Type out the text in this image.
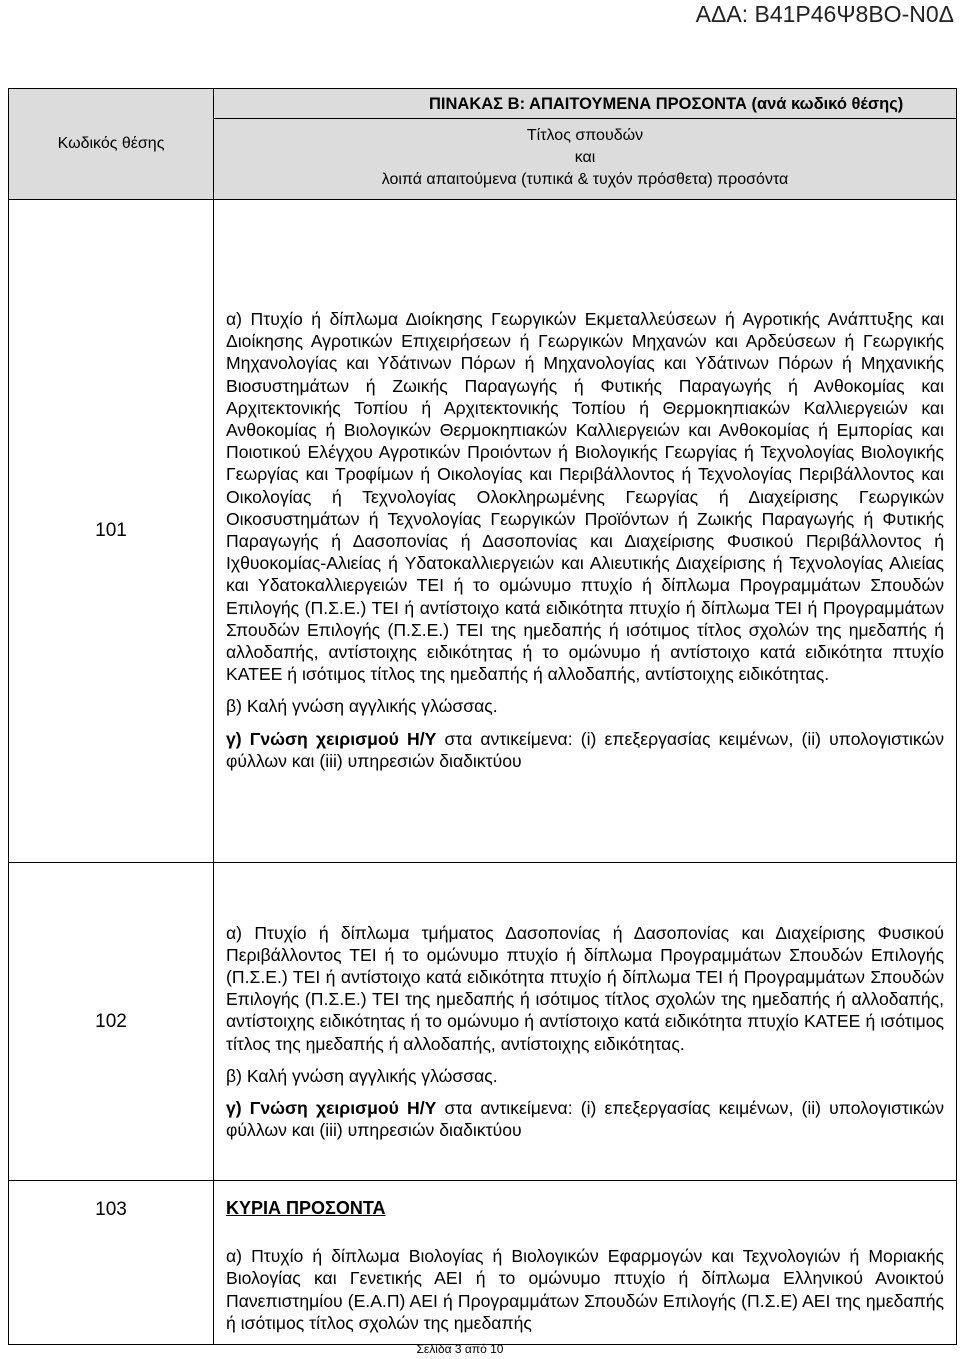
ΑΔΑ: Β41Ρ46Ψ8ΒΟ-Ν0Δ
Κωδικός θέσης	ΠΙΝΑΚΑΣ Β: ΑΠΑΙΤΟΥΜΕΝΑ ΠΡΟΣΟΝΤΑ (ανά κωδικό θέσης)

	Τίτλος σπουδών
και
λοιπά απαιτούμενα (τυπικά & τυχόν πρόσθετα) προσόντα

101	α) Πτυχίο ή δίπλωμα Διοίκησης Γεωργικών Εκμεταλλεύσεων ή Αγροτικής Ανάπτυξης και Διοίκησης Αγροτικών Επιχειρήσεων ή Γεωργικών Μηχανών και Αρδεύσεων ή Γεωργικής Μηχανολογίας και Υδάτινων Πόρων ή Μηχανολογίας και Υδάτινων Πόρων ή Μηχανικής Βιοσυστημάτων ή Ζωικής Παραγωγής ή Φυτικής Παραγωγής ή Ανθοκομίας και Αρχιτεκτονικής Τοπίου ή Αρχιτεκτονικής Τοπίου ή Θερμοκηπιακών Καλλιεργειών και Ανθοκομίας ή Βιολογικών Θερμοκηπιακών Καλλιεργειών και Ανθοκομίας ή Εμπορίας και Ποιοτικού Ελέγχου Αγροτικών Προιόντων ή Βιολογικής Γεωργίας ή Τεχνολογίας Βιολογικής Γεωργίας και Τροφίμων ή Οικολογίας και Περιβάλλοντος ή Τεχνολογίας Περιβάλλοντος και Οικολογίας ή Τεχνολογίας Ολοκληρωμένης Γεωργίας ή Διαχείρισης Γεωργικών Οικοσυστημάτων ή Τεχνολογίας Γεωργικών Προϊόντων ή Ζωικής Παραγωγής ή Φυτικής Παραγωγής ή Δασοπονίας ή Δασοπονίας και Διαχείρισης Φυσικού Περιβάλλοντος ή Ιχθυοκομίας-Αλιείας ή Υδατοκαλλιεργειών και Αλιευτικής Διαχείρισης ή Τεχνολογίας Αλιείας και Υδατοκαλλιεργειών ΤΕΙ ή το ομώνυμο πτυχίο ή δίπλωμα Προγραμμάτων Σπουδών Επιλογής (Π.Σ.Ε.) ΤΕΙ ή αντίστοιχο κατά ειδικότητα πτυχίο ή δίπλωμα ΤΕΙ ή Προγραμμάτων Σπουδών Επιλογής (Π.Σ.Ε.) ΤΕΙ της ημεδαπής ή ισότιμος τίτλος σχολών της ημεδαπής ή αλλοδαπής, αντίστοιχης ειδικότητας ή το ομώνυμο ή αντίστοιχο κατά ειδικότητα πτυχίο ΚΑΤΕΕ ή ισότιμος τίτλος της ημεδαπής ή αλλοδαπής, αντίστοιχης ειδικότητας.

β) Καλή γνώση αγγλικής γλώσσας.

γ) Γνώση χειρισμού Η/Υ στα αντικείμενα: (i) επεξεργασίας κειμένων, (ii) υπολογιστικών φύλλων και (iii) υπηρεσιών διαδικτύου

102	α) Πτυχίο ή δίπλωμα τμήματος Δασοπονίας ή Δασοπονίας και Διαχείρισης Φυσικού Περιβάλλοντος ΤΕΙ ή το ομώνυμο πτυχίο ή δίπλωμα Προγραμμάτων Σπουδών Επιλογής (Π.Σ.Ε.) ΤΕΙ ή αντίστοιχο κατά ειδικότητα πτυχίο ή δίπλωμα ΤΕΙ ή Προγραμμάτων Σπουδών Επιλογής (Π.Σ.Ε.) ΤΕΙ της ημεδαπής ή ισότιμος τίτλος σχολών της ημεδαπής ή αλλοδαπής, αντίστοιχης ειδικότητας ή το ομώνυμο ή αντίστοιχο κατά ειδικότητα πτυχίο ΚΑΤΕΕ ή ισότιμος τίτλος της ημεδαπής ή αλλοδαπής, αντίστοιχης ειδικότητας.

β) Καλή γνώση αγγλικής γλώσσας.

γ) Γνώση χειρισμού Η/Υ στα αντικείμενα: (i) επεξεργασίας κειμένων, (ii) υπολογιστικών φύλλων και (iii) υπηρεσιών διαδικτύου

103	ΚΥΡΙΑ ΠΡΟΣΟΝΤΑ

α) Πτυχίο ή δίπλωμα Βιολογίας ή Βιολογικών Εφαρμογών και Τεχνολογιών ή Μοριακής Βιολογίας και Γενετικής ΑΕΙ ή το ομώνυμο πτυχίο ή δίπλωμα Ελληνικού Ανοικτού Πανεπιστημίου (Ε.Α.Π) ΑΕΙ ή Προγραμμάτων Σπουδών Επιλογής (Π.Σ.Ε) ΑΕΙ της ημεδαπής ή ισότιμος τίτλος σχολών της ημεδαπής

Σελίδα 3 από 10
